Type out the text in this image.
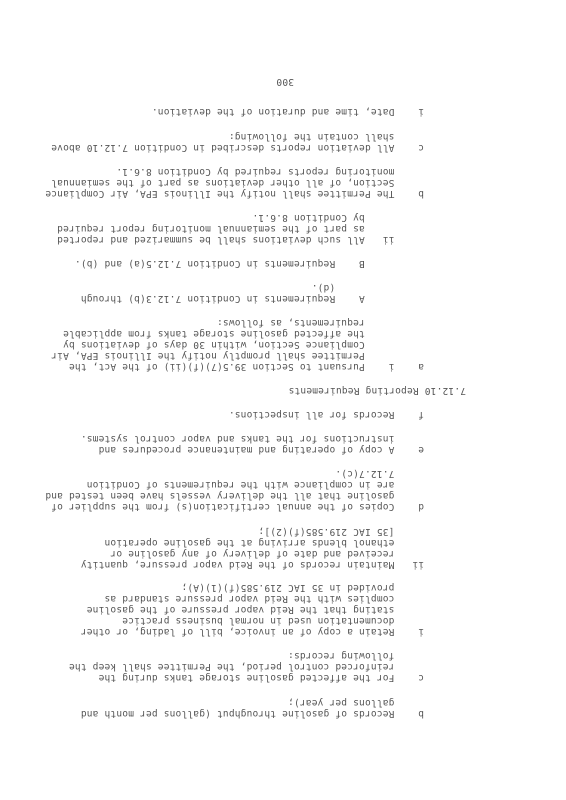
b    Records of gasoline throughput (gallons per month and
gallons per year);
c    For the affected gasoline storage tanks during the
reinforced control period, the Permittee shall keep the
following records:
i    Retain a copy of an invoice, bill of lading, or other
documentation used in normal business practice
stating that the Reid vapor pressure of the gasoline
complies with the Reid vapor pressure standard as
provided in 35 IAC 219.585(f)(1)(A);
ii   Maintain records of the Reid vapor pressure, quantity
received and date of delivery of any gasoline or
ethanol blends arriving at the gasoline operation
[35 IAC 219.585(f)(2)];
d    Copies of the annual certification(s) from the supplier of
gasoline that all the delivery vessels have been tested and
are in compliance with the requirements of Condition
7.12.7(c).
e    A copy of operating and maintenance procedures and
instructions for the tanks and vapor control systems.
f    Records for all inspections.
7.12.10 Reporting Requirements
a    i    Pursuant to Section 39.5(7)(f)(ii) of the Act, the
Permittee shall promptly notify the Illinois EPA, Air
Compliance Section, within 30 days of deviations by
the affected gasoline storage tanks from applicable
requirements, as follows:
A    Requirements in Condition 7.12.3(b) through
(d).
B    Requirements in Condition 7.12.5(a) and (b).
ii   All such deviations shall be summarized and reported
as part of the semiannual monitoring report required
by Condition 8.6.1.
b    The Permittee shall notify the Illinois EPA, Air Compliance
Section, of all other deviations as part of the semiannual
monitoring reports required by Condition 8.6.1.
c    All deviation reports described in Condition 7.12.10 above
shall contain the following:
i    Date, time and duration of the deviation.
300
